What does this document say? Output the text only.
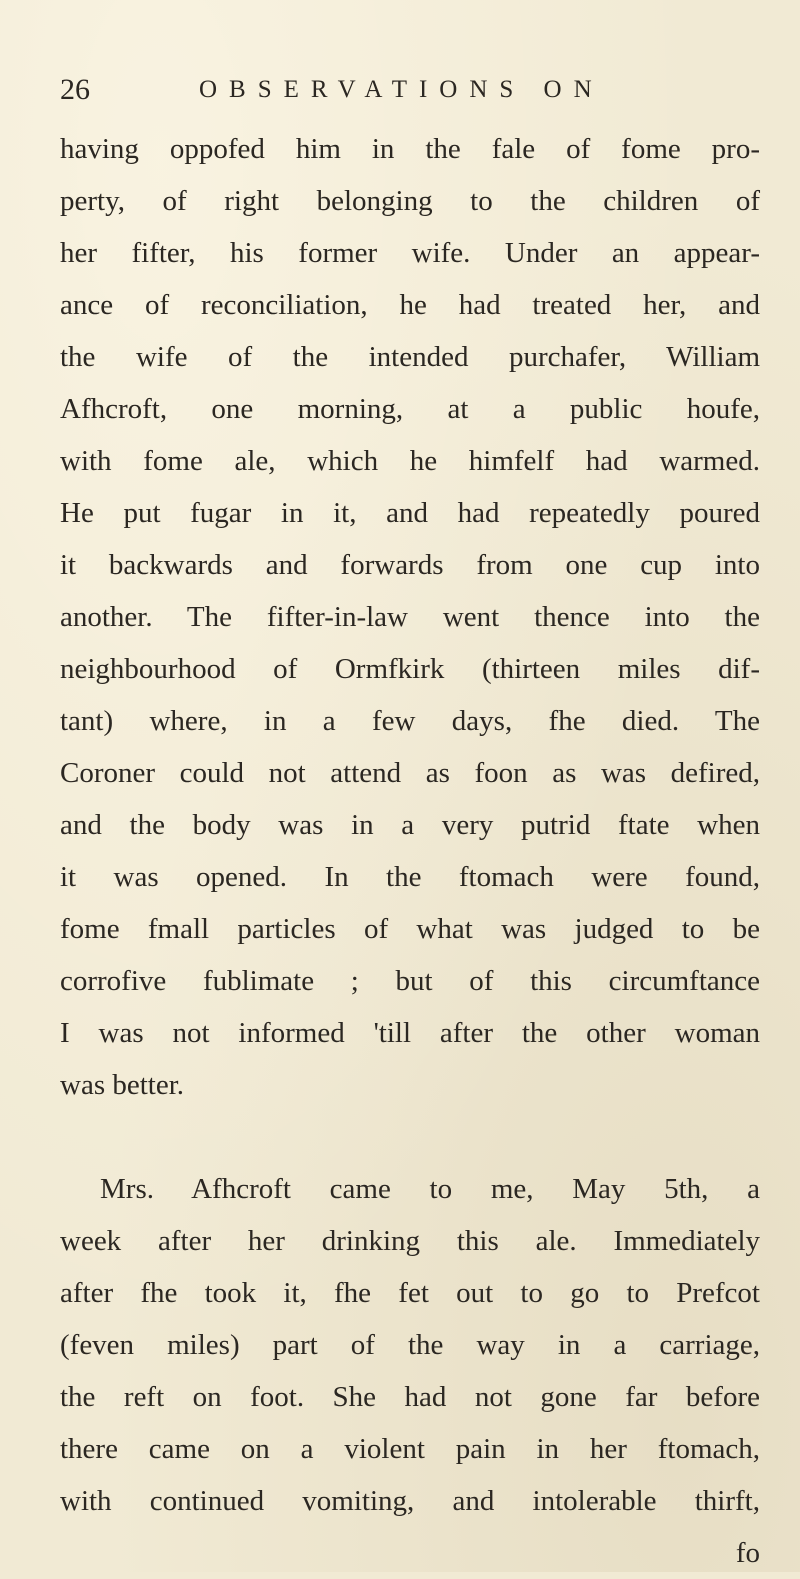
26	OBSERVATIONS ON
having oppofed him in the fale of fome pro-
perty, of right belonging to the children of
her fifter, his former wife. Under an appear-
ance of reconciliation, he had treated her, and
the wife of the intended purchafer, William
Afhcroft, one morning, at a public houfe,
with fome ale, which he himfelf had warmed.
He put fugar in it, and had repeatedly poured
it backwards and forwards from one cup into
another. The fifter-in-law went thence into the
neighbourhood of Ormfkirk (thirteen miles dif-
tant) where, in a few days, fhe died. The
Coroner could not attend as foon as was defired,
and the body was in a very putrid ftate when
it was opened. In the ftomach were found,
fome fmall particles of what was judged to be
corrofive fublimate ; but of this circumftance
I was not informed 'till after the other woman
was better.
Mrs. Afhcroft came to me, May 5th, a
week after her drinking this ale. Immediately
after fhe took it, fhe fet out to go to Prefcot
(feven miles) part of the way in a carriage,
the reft on foot. She had not gone far before
there came on a violent pain in her ftomach,
with continued vomiting, and intolerable thirft,
fo
